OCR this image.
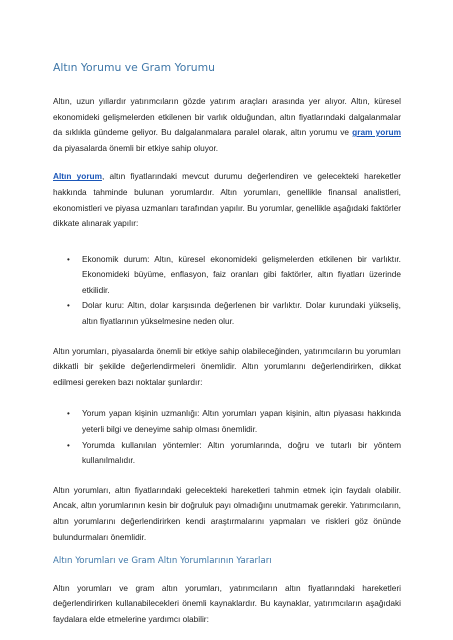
Altın Yorumu ve Gram Yorumu

Altın, uzun yıllardır yatırımcıların gözde yatırım araçları arasında yer alıyor. Altın, küresel ekonomideki gelişmelerden etkilenen bir varlık olduğundan, altın fiyatlarındaki dalgalanmalar da sıklıkla gündeme geliyor. Bu dalgalanmalara paralel olarak, altın yorumu ve gram yorum da piyasalarda önemli bir etkiye sahip oluyor.

Altın yorum, altın fiyatlarındaki mevcut durumu değerlendiren ve gelecekteki hareketler hakkında tahminde bulunan yorumlardır. Altın yorumları, genellikle finansal analistleri, ekonomistleri ve piyasa uzmanları tarafından yapılır. Bu yorumlar, genellikle aşağıdaki faktörler dikkate alınarak yapılır:

• Ekonomik durum: Altın, küresel ekonomideki gelişmelerden etkilenen bir varlıktır. Ekonomideki büyüme, enflasyon, faiz oranları gibi faktörler, altın fiyatları üzerinde etkilidir.
• Dolar kuru: Altın, dolar karşısında değerlenen bir varlıktır. Dolar kurundaki yükseliş, altın fiyatlarının yükselmesine neden olur.

Altın yorumları, piyasalarda önemli bir etkiye sahip olabileceğinden, yatırımcıların bu yorumları dikkatli bir şekilde değerlendirmeleri önemlidir. Altın yorumlarını değerlendirirken, dikkat edilmesi gereken bazı noktalar şunlardır:

• Yorum yapan kişinin uzmanlığı: Altın yorumları yapan kişinin, altın piyasası hakkında yeterli bilgi ve deneyime sahip olması önemlidir.
• Yorumda kullanılan yöntemler: Altın yorumlarında, doğru ve tutarlı bir yöntem kullanılmalıdır.

Altın yorumları, altın fiyatlarındaki gelecekteki hareketleri tahmin etmek için faydalı olabilir. Ancak, altın yorumlarının kesin bir doğruluk payı olmadığını unutmamak gerekir. Yatırımcıların, altın yorumlarını değerlendirirken kendi araştırmalarını yapmaları ve riskleri göz önünde bulundurmaları önemlidir.

Altın Yorumları ve Gram Altın Yorumlarının Yararları

Altın yorumları ve gram altın yorumları, yatırımcıların altın fiyatlarındaki hareketleri değerlendirirken kullanabilecekleri önemli kaynaklardır. Bu kaynaklar, yatırımcıların aşağıdaki faydalara elde etmelerine yardımcı olabilir:
